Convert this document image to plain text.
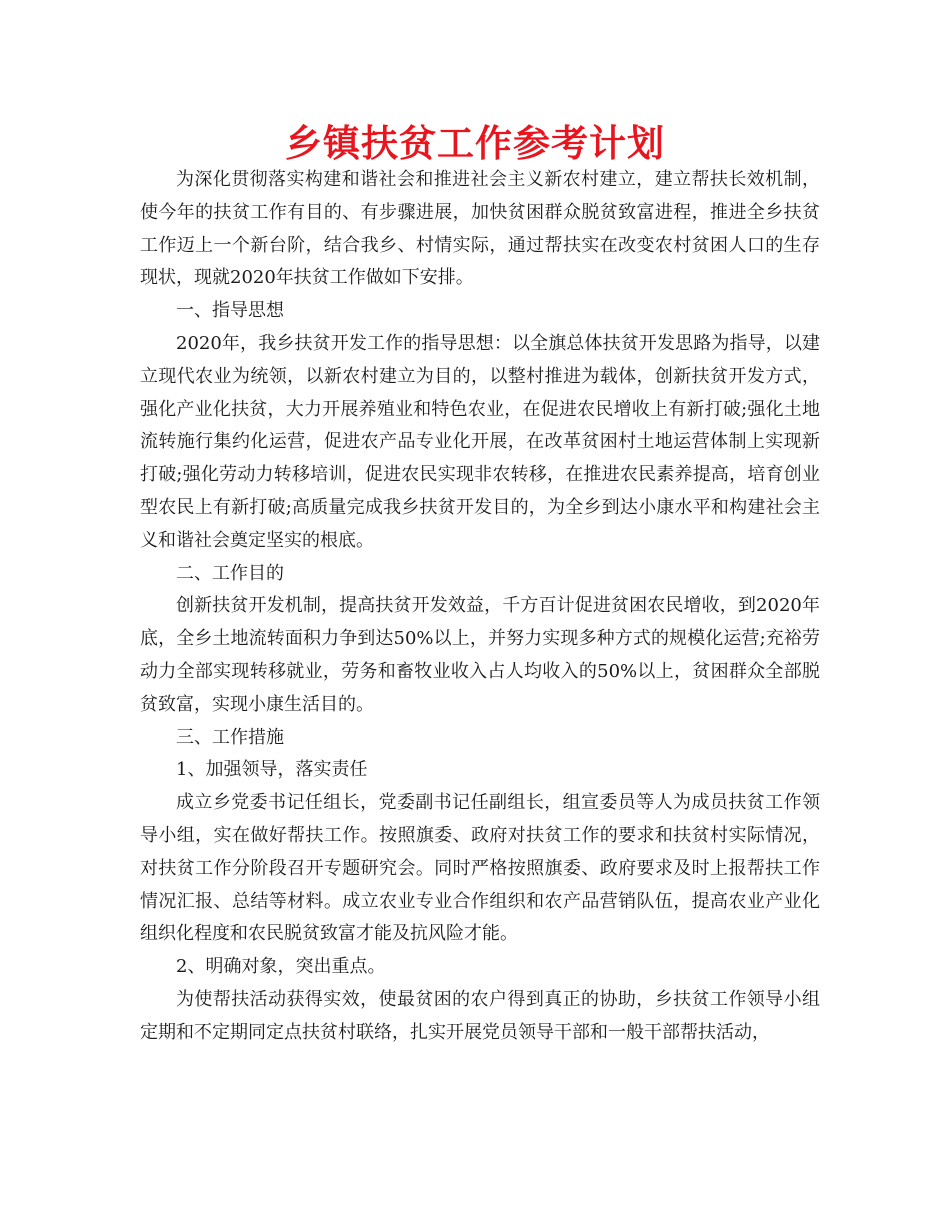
乡镇扶贫工作参考计划

为深化贯彻落实构建和谐社会和推进社会主义新农村建立，建立帮扶长效机制，使今年的扶贫工作有目的、有步骤进展，加快贫困群众脱贫致富进程，推进全乡扶贫工作迈上一个新台阶，结合我乡、村情实际，通过帮扶实在改变农村贫困人口的生存现状，现就2020年扶贫工作做如下安排。

一、指导思想

2020年，我乡扶贫开发工作的指导思想：以全旗总体扶贫开发思路为指导，以建立现代农业为统领，以新农村建立为目的，以整村推进为载体，创新扶贫开发方式，强化产业化扶贫，大力开展养殖业和特色农业，在促进农民增收上有新打破;强化土地流转施行集约化运营，促进农产品专业化开展，在改革贫困村土地运营体制上实现新打破;强化劳动力转移培训，促进农民实现非农转移，在推进农民素养提高，培育创业型农民上有新打破;高质量完成我乡扶贫开发目的，为全乡到达小康水平和构建社会主义和谐社会奠定坚实的根底。

二、工作目的

创新扶贫开发机制，提高扶贫开发效益，千方百计促进贫困农民增收，到2020年底，全乡土地流转面积力争到达50%以上，并努力实现多种方式的规模化运营;充裕劳动力全部实现转移就业，劳务和畜牧业收入占人均收入的50%以上，贫困群众全部脱贫致富，实现小康生活目的。

三、工作措施

1、加强领导，落实责任

成立乡党委书记任组长，党委副书记任副组长，组宣委员等人为成员扶贫工作领导小组，实在做好帮扶工作。按照旗委、政府对扶贫工作的要求和扶贫村实际情况，对扶贫工作分阶段召开专题研究会。同时严格按照旗委、政府要求及时上报帮扶工作情况汇报、总结等材料。成立农业专业合作组织和农产品营销队伍，提高农业产业化组织化程度和农民脱贫致富才能及抗风险才能。

2、明确对象，突出重点。

为使帮扶活动获得实效，使最贫困的农户得到真正的协助，乡扶贫工作领导小组定期和不定期同定点扶贫村联络，扎实开展党员领导干部和一般干部帮扶活动，
